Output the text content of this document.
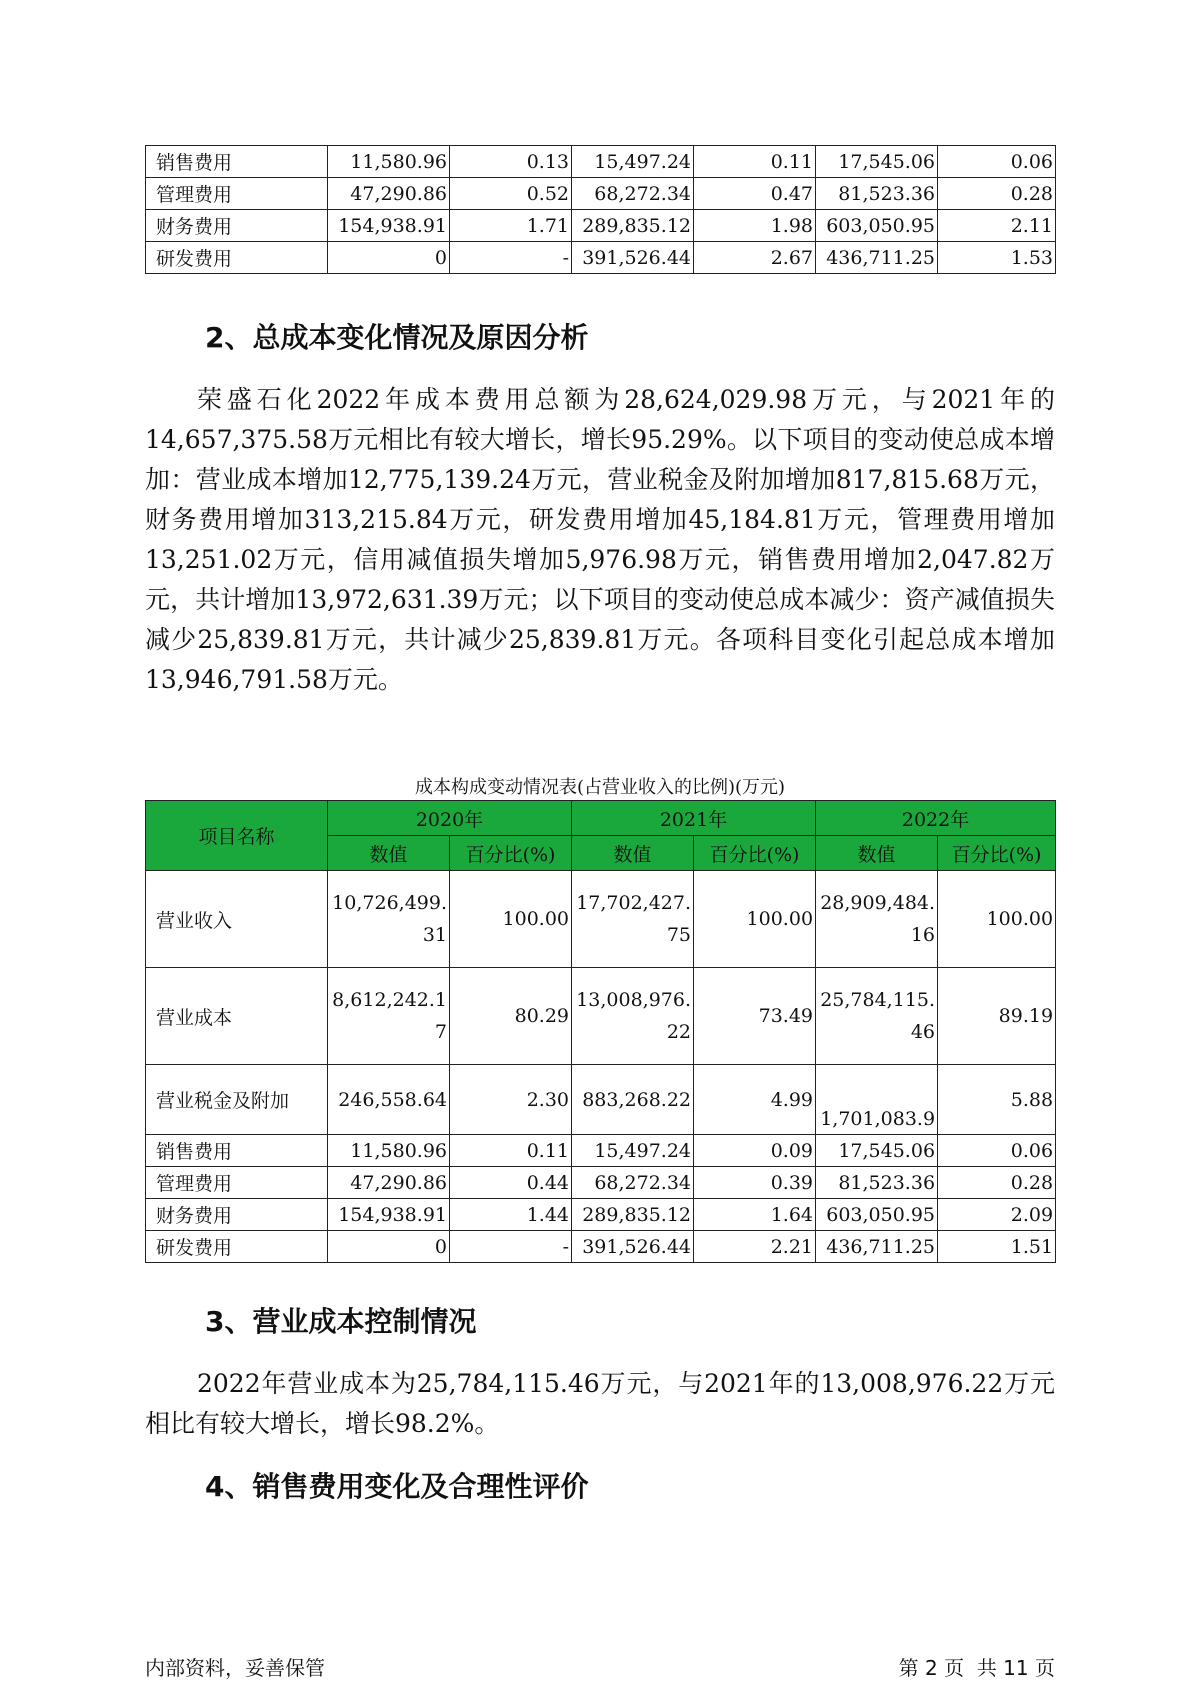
销售费用	11,580.96	0.13	15,497.24	0.11	17,545.06	0.06
管理费用	47,290.86	0.52	68,272.34	0.47	81,523.36	0.28
财务费用	154,938.91	1.71	289,835.12	1.98	603,050.95	2.11
研发费用	0	-	391,526.44	2.67	436,711.25	1.53
2、总成本变化情况及原因分析

荣盛石化2022年成本费用总额为28,624,029.98万元，与2021年的14,657,375.58万元相比有较大增长，增长95.29%。以下项目的变动使总成本增加：营业成本增加12,775,139.24万元，营业税金及附加增加817,815.68万元，财务费用增加313,215.84万元，研发费用增加45,184.81万元，管理费用增加13,251.02万元，信用减值损失增加5,976.98万元，销售费用增加2,047.82万元，共计增加13,972,631.39万元；以下项目的变动使总成本减少：资产减值损失减少25,839.81万元，共计减少25,839.81万元。各项科目变化引起总成本增加13,946,791.58万元。

成本构成变动情况表(占营业收入的比例)(万元)

项目名称	2020年		2021年		2022年	
	数值	百分比(%)	数值	百分比(%)	数值	百分比(%)
营业收入	10,726,499.31	100.00	17,702,427.75	100.00	28,909,484.16	100.00
营业成本	8,612,242.17	80.29	13,008,976.22	73.49	25,784,115.46	89.19
营业税金及附加	246,558.64	2.30	883,268.22	4.99	1,701,083.9	5.88
销售费用	11,580.96	0.11	15,497.24	0.09	17,545.06	0.06
管理费用	47,290.86	0.44	68,272.34	0.39	81,523.36	0.28
财务费用	154,938.91	1.44	289,835.12	1.64	603,050.95	2.09
研发费用	0	-	391,526.44	2.21	436,711.25	1.51
3、营业成本控制情况

2022年营业成本为25,784,115.46万元，与2021年的13,008,976.22万元相比有较大增长，增长98.2%。

4、销售费用变化及合理性评价
内部资料，妥善保管	第 2 页  共 11 页
